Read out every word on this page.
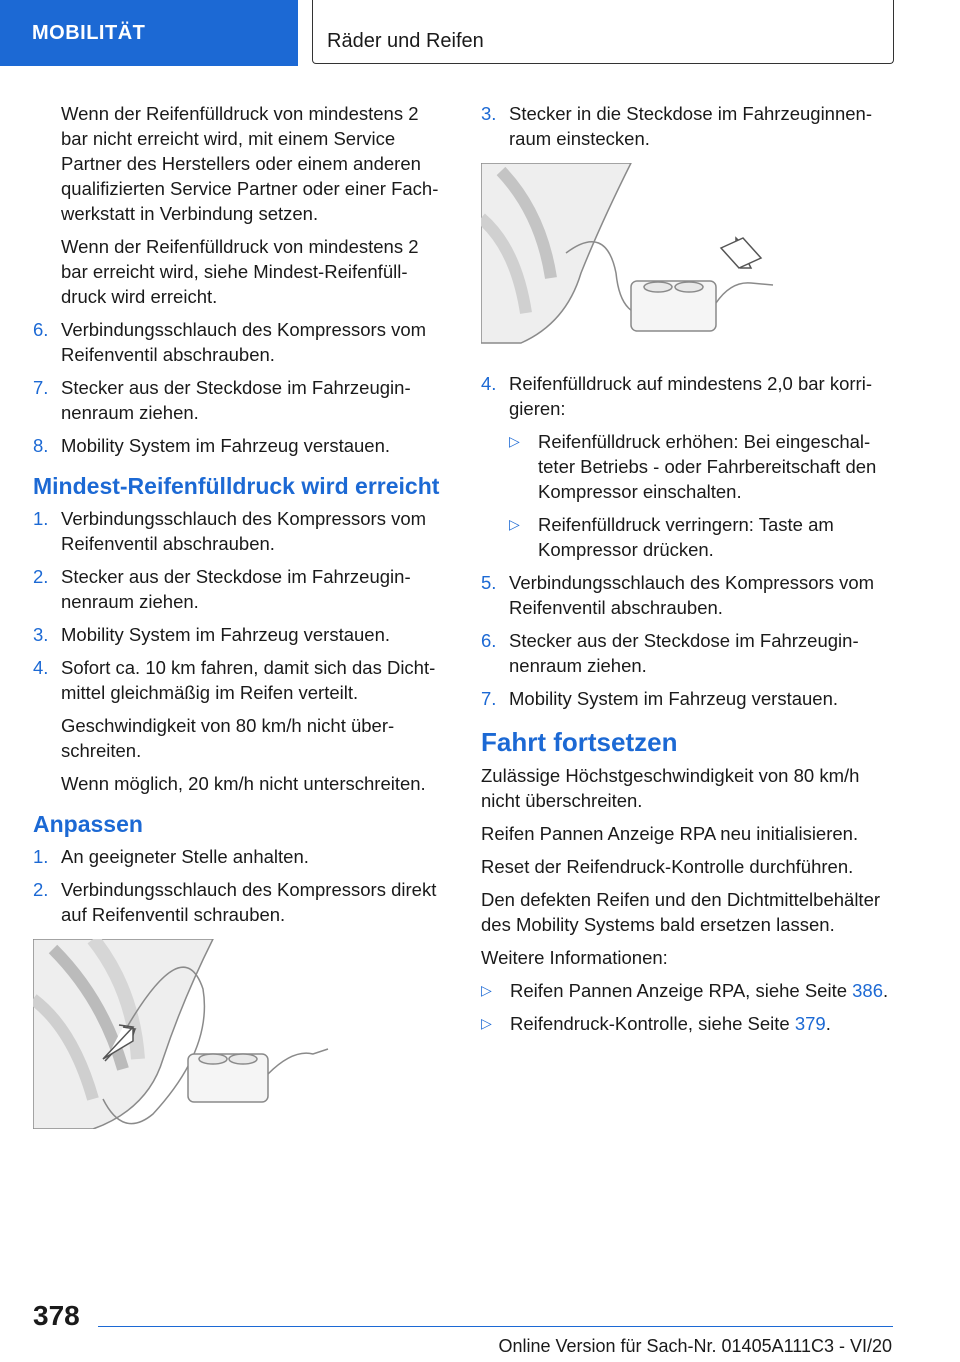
MOBILITÄT	Räder und Reifen

Wenn der Reifenfülldruck von mindestens 2 bar nicht erreicht wird, mit einem Service Partner des Herstellers oder einem anderen qualifizierten Service Partner oder einer Fachwerkstatt in Verbindung setzen.

Wenn der Reifenfülldruck von mindestens 2 bar erreicht wird, siehe Mindest-Reifenfülldruck wird erreicht.

6. Verbindungsschlauch des Kompressors vom Reifenventil abschrauben.
7. Stecker aus der Steckdose im Fahrzeuginnenraum ziehen.
8. Mobility System im Fahrzeug verstauen.
Mindest-Reifenfülldruck wird erreicht
1. Verbindungsschlauch des Kompressors vom Reifenventil abschrauben.
2. Stecker aus der Steckdose im Fahrzeuginnenraum ziehen.
3. Mobility System im Fahrzeug verstauen.
4. Sofort ca. 10 km fahren, damit sich das Dichtmittel gleichmäßig im Reifen verteilt.

Geschwindigkeit von 80 km/h nicht überschreiten.

Wenn möglich, 20 km/h nicht unterschreiten.

Anpassen
1. An geeigneter Stelle anhalten.
2. Verbindungsschlauch des Kompressors direkt auf Reifenventil schrauben.
3. Stecker in die Steckdose im Fahrzeuginnenraum einstecken.
4. Reifenfülldruck auf mindestens 2,0 bar korrigieren:
▷ Reifenfülldruck erhöhen: Bei eingeschalteter Betriebs - oder Fahrbereitschaft den Kompressor einschalten.
▷ Reifenfülldruck verringern: Taste am Kompressor drücken.
5. Verbindungsschlauch des Kompressors vom Reifenventil abschrauben.
6. Stecker aus der Steckdose im Fahrzeuginnenraum ziehen.
7. Mobility System im Fahrzeug verstauen.
Fahrt fortsetzen

Zulässige Höchstgeschwindigkeit von 80 km/h nicht überschreiten.

Reifen Pannen Anzeige RPA neu initialisieren.

Reset der Reifendruck-Kontrolle durchführen.

Den defekten Reifen und den Dichtmittelbehälter des Mobility Systems bald ersetzen lassen.

Weitere Informationen:

▷ Reifen Pannen Anzeige RPA, siehe Seite 386.
▷ Reifendruck-Kontrolle, siehe Seite 379.
378
Online Version für Sach-Nr. 01405A111C3 - VI/20
